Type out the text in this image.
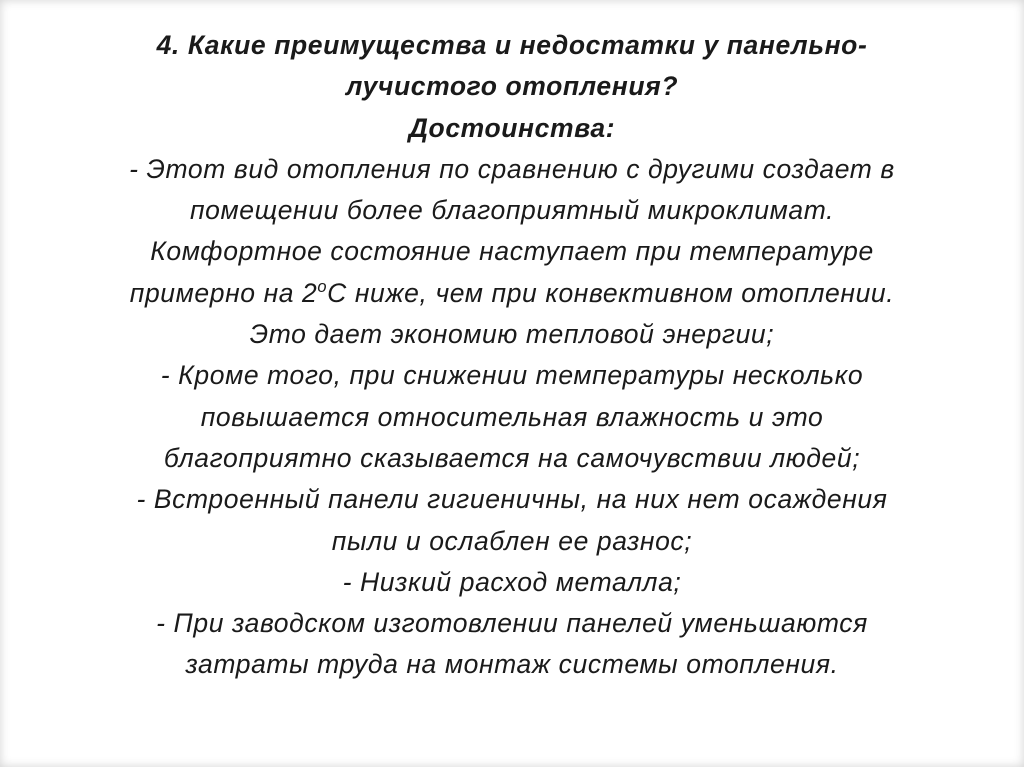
4. Какие преимущества и недостатки у панельно-
лучистого отопления?
Достоинства:
- Этот вид отопления по сравнению с другими создает в
помещении более благоприятный микроклимат.
Комфортное состояние наступает при температуре
примерно на 2$^o$С ниже, чем при конвективном отоплении.
Это дает экономию тепловой энергии;
- Кроме того, при снижении температуры несколько
повышается относительная влажность и это
благоприятно сказывается на самочувствии людей;
- Встроенный панели гигиеничны, на них нет осаждения
пыли и ослаблен ее разнос;
- Низкий расход металла;
- При заводском изготовлении панелей уменьшаются
затраты труда на монтаж системы отопления.
